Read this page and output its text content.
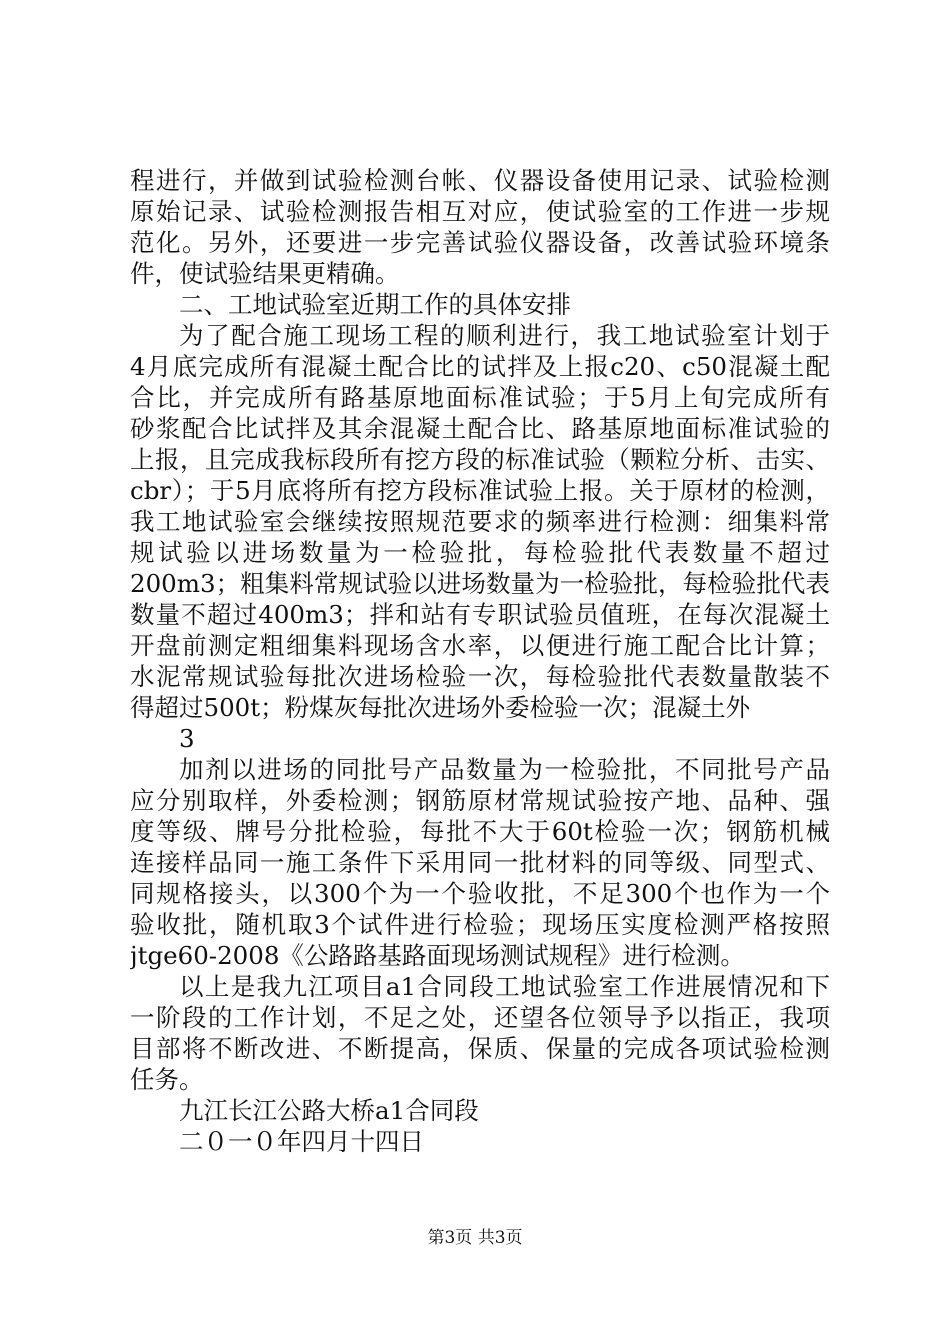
程进行，并做到试验检测台帐、仪器设备使用记录、试验检测
原始记录、试验检测报告相互对应，使试验室的工作进一步规
范化。另外，还要进一步完善试验仪器设备，改善试验环境条
件，使试验结果更精确。
二、工地试验室近期工作的具体安排
为了配合施工现场工程的顺利进行，我工地试验室计划于
4月底完成所有混凝土配合比的试拌及上报c20、c50混凝土配
合比，并完成所有路基原地面标准试验；于5月上旬完成所有
砂浆配合比试拌及其余混凝土配合比、路基原地面标准试验的
上报，且完成我标段所有挖方段的标准试验（颗粒分析、击实、
cbr）；于5月底将所有挖方段标准试验上报。关于原材的检测，
我工地试验室会继续按照规范要求的频率进行检测：细集料常
规试验以进场数量为一检验批，每检验批代表数量不超过
200m3；粗集料常规试验以进场数量为一检验批，每检验批代表
数量不超过400m3；拌和站有专职试验员值班，在每次混凝土
开盘前测定粗细集料现场含水率，以便进行施工配合比计算；
水泥常规试验每批次进场检验一次，每检验批代表数量散装不
得超过500t；粉煤灰每批次进场外委检验一次；混凝土外
3
加剂以进场的同批号产品数量为一检验批，不同批号产品
应分别取样，外委检测；钢筋原材常规试验按产地、品种、强
度等级、牌号分批检验，每批不大于60t检验一次；钢筋机械
连接样品同一施工条件下采用同一批材料的同等级、同型式、
同规格接头，以300个为一个验收批，不足300个也作为一个
验收批，随机取3个试件进行检验；现场压实度检测严格按照
jtge60-2008《公路路基路面现场测试规程》进行检测。
以上是我九江项目a1合同段工地试验室工作进展情况和下
一阶段的工作计划，不足之处，还望各位领导予以指正，我项
目部将不断改进、不断提高，保质、保量的完成各项试验检测
任务。
九江长江公路大桥a1合同段
二０一０年四月十四日
第3页 共3页
